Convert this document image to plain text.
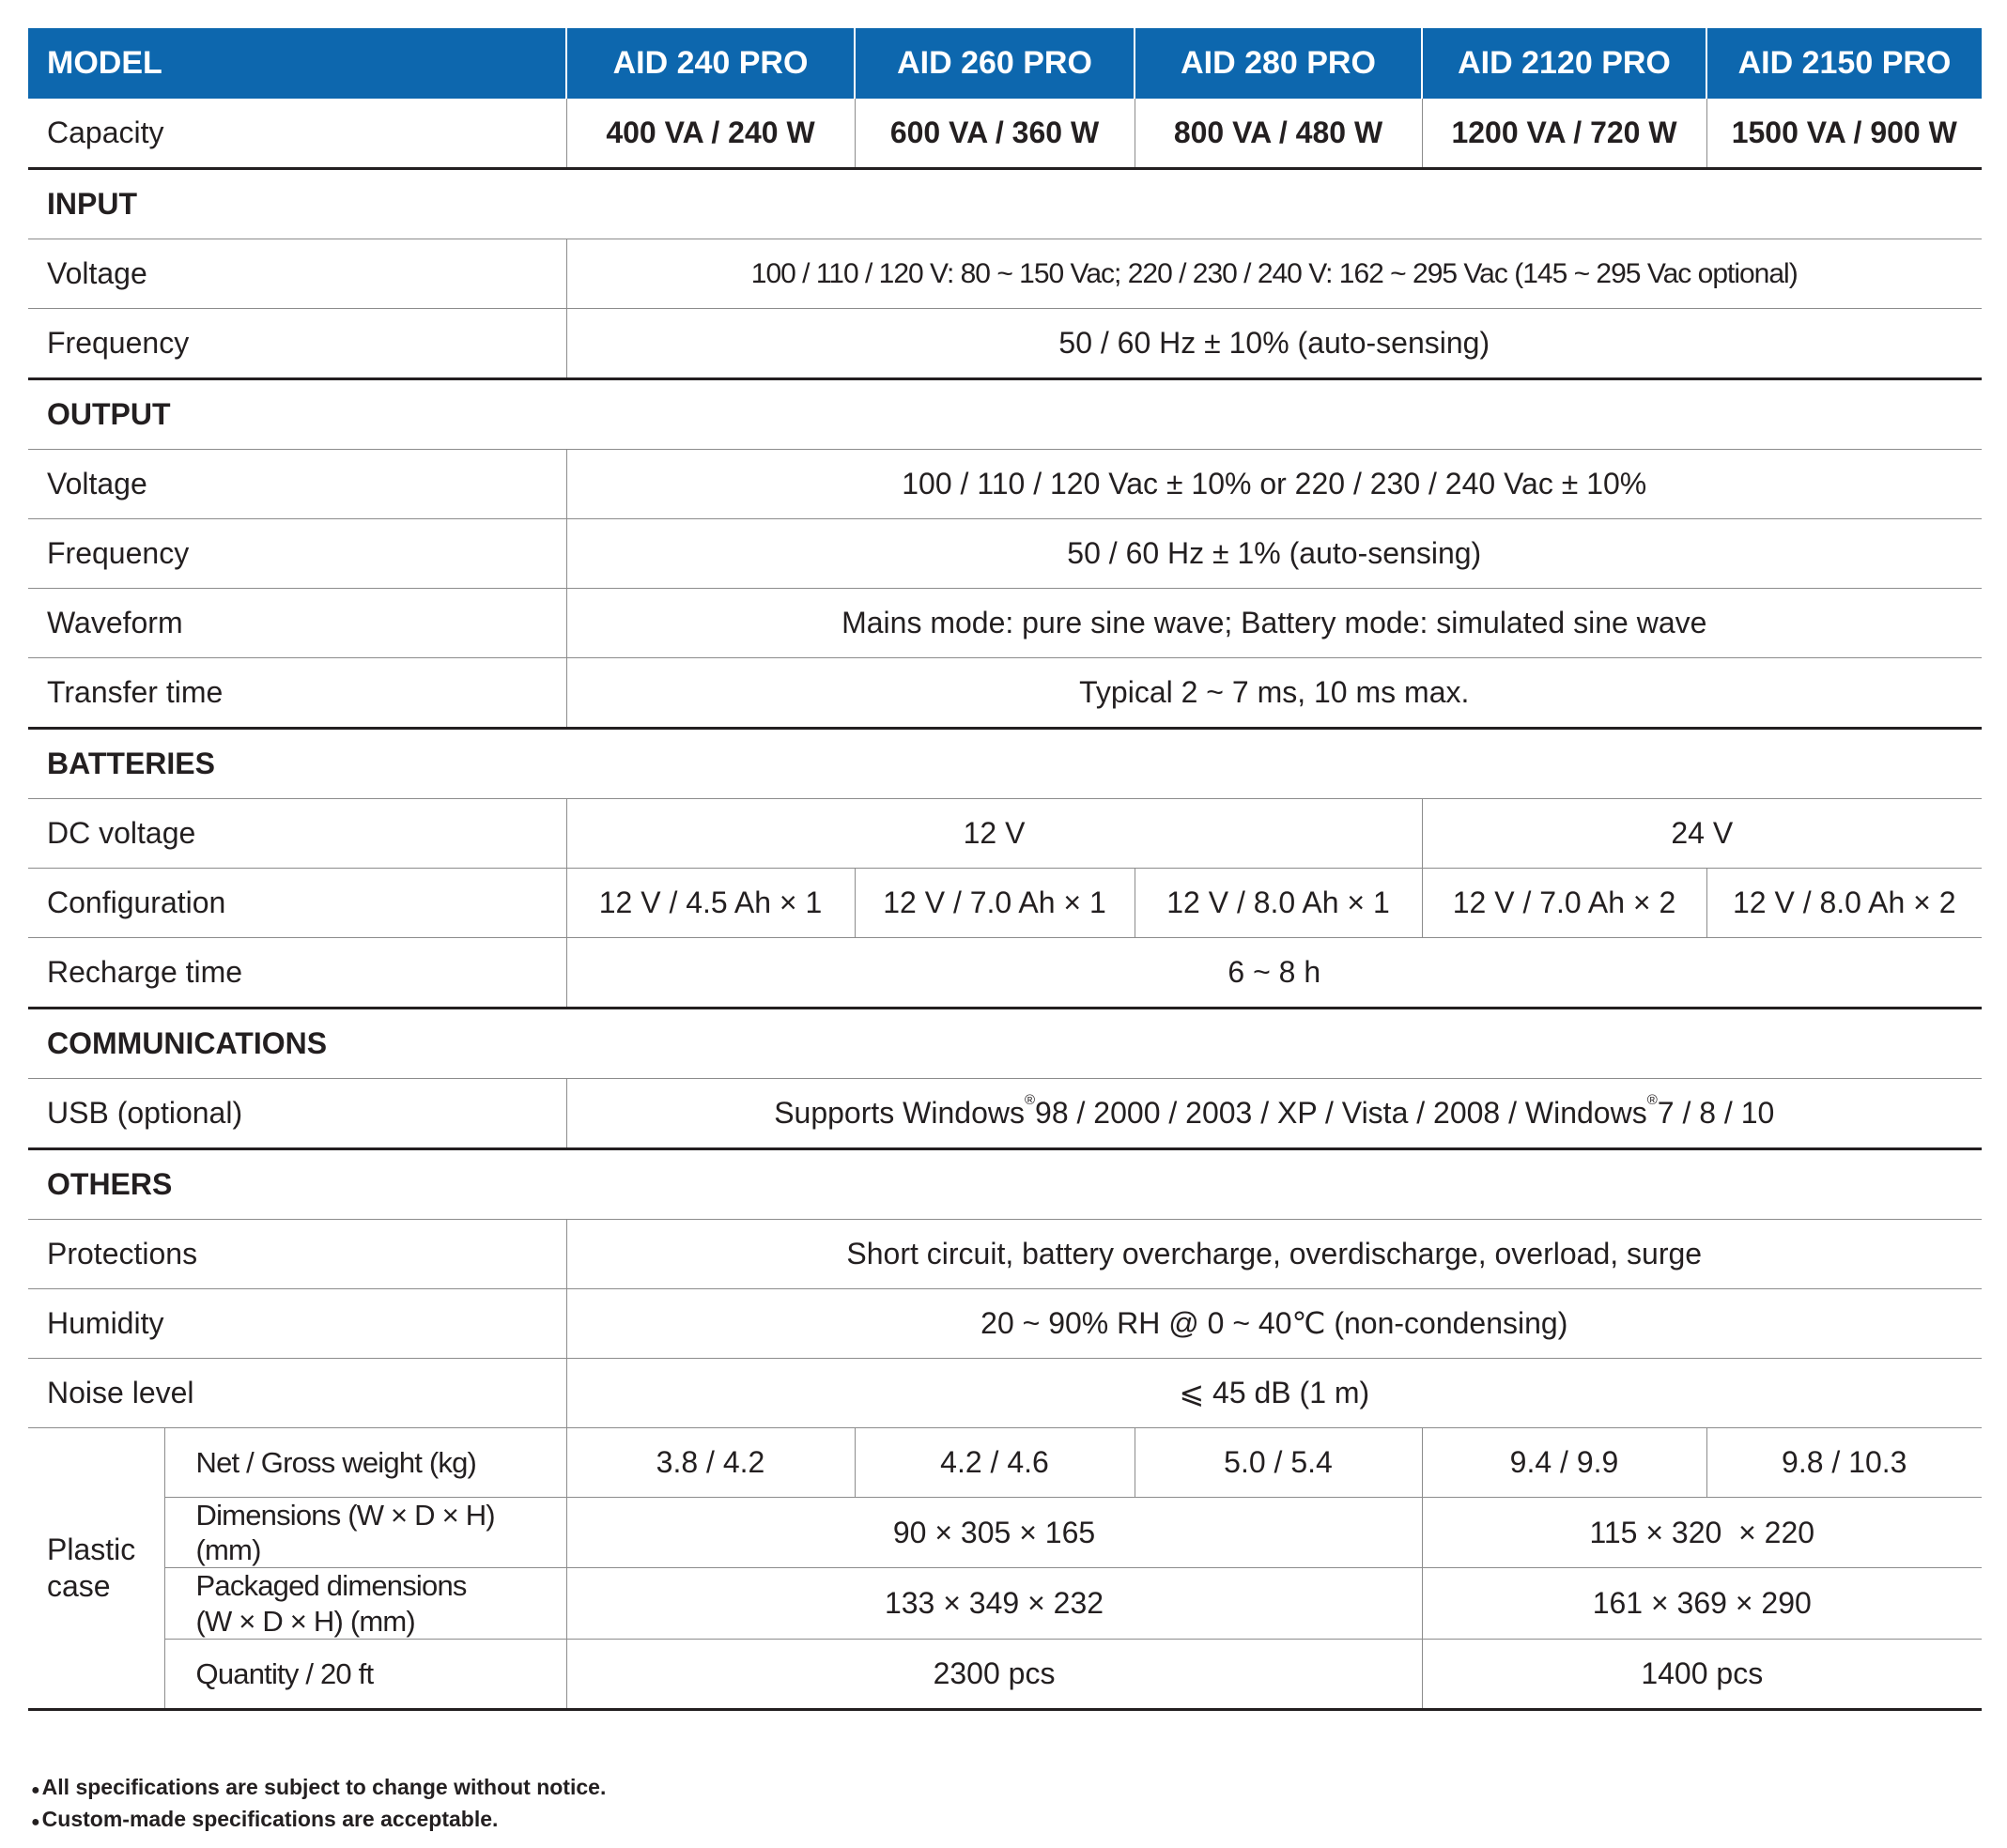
MODEL		AID 240 PRO	AID 260 PRO	AID 280 PRO	AID 2120 PRO	AID 2150 PRO
Capacity		400 VA / 240 W	600 VA / 360 W	800 VA / 480 W	1200 VA / 720 W	1500 VA / 900 W
INPUT						
Voltage		100 / 110 / 120 V: 80 ~ 150 Vac; 220 / 230 / 240 V: 162 ~ 295 Vac (145 ~ 295 Vac optional)				
Frequency		50 / 60 Hz ± 10% (auto-sensing)				
OUTPUT						
Voltage		100 / 110 / 120 Vac ± 10% or 220 / 230 / 240 Vac ± 10%				
Frequency		50 / 60 Hz ± 1% (auto-sensing)				
Waveform		Mains mode: pure sine wave; Battery mode: simulated sine wave				
Transfer time		Typical 2 ~ 7 ms, 10 ms max.				
BATTERIES						
DC voltage		12 V			24 V	
Configuration		12 V / 4.5 Ah × 1	12 V / 7.0 Ah × 1	12 V / 8.0 Ah × 1	12 V / 7.0 Ah × 2	12 V / 8.0 Ah × 2
Recharge time		6 ~ 8 h				
COMMUNICATIONS						
USB (optional)		Supports Windows®98 / 2000 / 2003 / XP / Vista / 2008 / Windows®7 / 8 / 10				
OTHERS						
Protections		Short circuit, battery overcharge, overdischarge, overload, surge				
Humidity		20 ~ 90% RH @ 0 ~ 40℃ (non-condensing)				
Noise level		⩽ 45 dB (1 m)				

Plastic
case	Net / Gross weight (kg)	3.8 / 4.2	4.2 / 4.6	5.0 / 5.4	9.4 / 9.9	9.8 / 10.3
	Dimensions (W × D × H) (mm)	90 × 305 × 165			115 × 320  × 220	

	Packaged dimensions
(W × D × H) (mm)	133 × 349 × 232			161 × 369 × 290	
	Quantity / 20 ft	2300 pcs			1400 pcs	
●All specifications are subject to change without notice.
●Custom-made specifications are acceptable.
